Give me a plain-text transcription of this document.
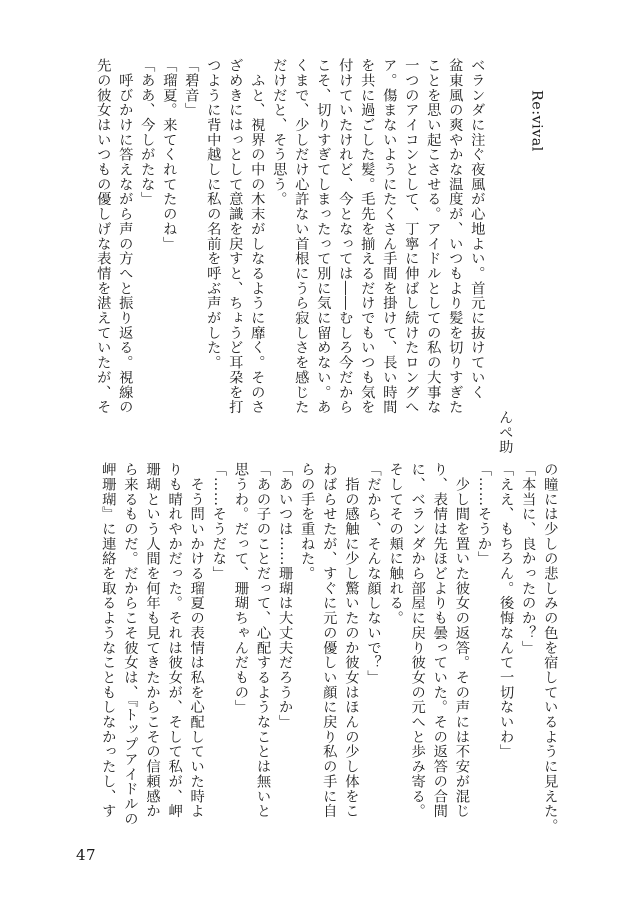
Re:vival
んぺ助
ベランダに注ぐ夜風が心地よい。首元に抜けていく
盆東風の爽やかな温度が、いつもより髪を切りすぎた
ことを思い起こさせる。アイドルとしての私の大事な
一つのアイコンとして、丁寧に伸ばし続けたロングへ
ア。傷まないようにたくさん手間を掛けて、長い時間
を共に過ごした髪。毛先を揃えるだけでもいつも気を
付けていたけれど、今となっては――むしろ今だから
こそ、切りすぎてしまったって別に気に留めない。あ
くまで、少しだけ心許ない首根にうら寂しさを感じた
だけだと、そう思う。
　ふと、視界の中の木末がしなるように靡く。そのさ
ざめきにはっとして意識を戻すと、ちょうど耳朶を打
つように背中越しに私の名前を呼ぶ声がした。
「碧音」
「瑠夏。来てくれてたのね」
「ああ、今しがたな」
　呼びかけに答えながら声の方へと振り返る。視線の
先の彼女はいつもの優しげな表情を湛えていたが、そ
の瞳には少しの悲しみの色を宿しているように見えた。
「本当に、良かったのか？」
「ええ、もちろん。後悔なんて一切ないわ」
「……そうか」
　少し間を置いた彼女の返答。その声には不安が混じ
り、表情は先ほどよりも曇っていた。その返答の合間
に、ベランダから部屋に戻り彼女の元へと歩み寄る。
そしてその頬に触れる。
「だから、そんな顔しないで？」
　指の感触に少し驚いたのか彼女はほんの少し体をこ
わばらせたが、すぐに元の優しい顔に戻り私の手に自
らの手を重ねた。
「あいつは……珊瑚は大丈夫だろうか」
「あの子のことだって、心配するようなことは無いと
思うわ。だって、珊瑚ちゃんだもの」
「……そうだな」
　そう問いかける瑠夏の表情は私を心配していた時よ
りも晴れやかだった。それは彼女が、そして私が、岬
珊瑚という人間を何年も見てきたからこその信頼感か
ら来るものだ。だからこそ彼女は、『トップアイドルの
岬珊瑚』に連絡を取るようなこともしなかったし、す
47
